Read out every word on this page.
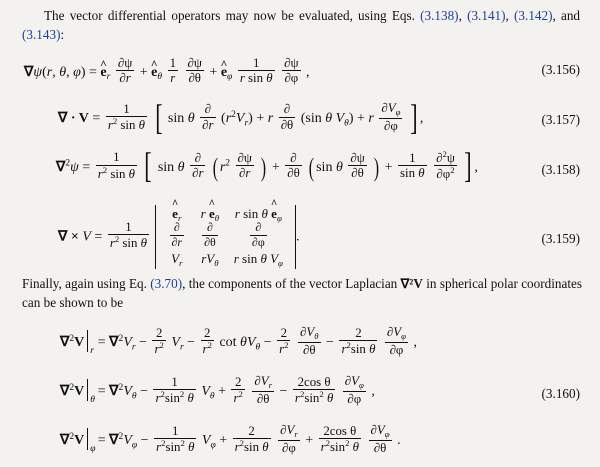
The vector differential operators may now be evaluated, using Eqs. (3.138), (3.141), (3.142), and (3.143):

∇ψ(r, θ, φ) = e $\^{}_r \frac{\partial\psi}{\partial r} + e$ $\^{}_\theta \frac{1}{r}$
$\frac{\partial\psi}{\partial\theta} + e$ $\^{}_\varphi \frac{1}{\text{r sin θ}}$
$\frac{\partial\psi}{\partial\varphi}$ ,	(3.156)
∇ · $V = \frac{1}{r^2 \sin \theta}$ [ sin θ $\frac{\partial}{\partial r} (r^2V_r) + r \frac{\partial}{\partial\theta} (\sin$ θ $V_\theta) + r \frac{\partial V_\varphi}{\partial\varphi}$ ] ,	(3.157)
$\nabla^2\psi = \frac{1}{r^2 \sin \theta}$ [ sin θ $\frac{\partial}{\partial r}$ ( $r^2 \frac{\partial\psi}{\partial r}$ ) + $\frac{\partial}{\partial\theta}$ ( sin θ $\frac{\partial\psi}{\partial\theta}$ ) + $\frac{1}{\text{sin θ}}$
$\frac{\partial^2\psi}{\partial\varphi^2}$ ] ,	(3.158)
∇ × $V = \frac{1}{r^2 \sin \theta}$

e $\^{}_r$	r e $\^{}_\theta$	r sin θ e $\^{}_\varphi$

$\frac{\partial}{\partial r}$	$\frac{\partial}{\partial\theta}$	$\frac{\partial}{\partial\varphi}$

$V_r$	$rV_\theta$	r sin θ $V_\varphi$
.	(3.159)

Finally, again using Eq. (3.70), the components of the vector Laplacian ∇²V in spherical polar coordinates can be shown to be

∇$^2$V
r
= $\nabla^2V_r - \frac{2}{r^2} V_r - \frac{2}{r^2}$ $\cot \theta V_\theta - \frac{2}{r^2}$
$\frac{\partial V_\theta}{\partial\theta} - \frac{2}{r^2\sin \theta}$
$\frac{\partial V_\varphi}{\partial\varphi}$ ,
∇$^2$V
θ
= $\nabla^2V_\theta - \frac{1}{r^2\sin^2 \theta} V_\theta + \frac{2}{r^2}$
$\frac{\partial V_r}{\partial\theta} - \frac{\text{2cos θ}}{r^2\sin^2 \theta}$
$\frac{\partial V_\varphi}{\partial\varphi}$ ,	(3.160)
∇$^2$V
φ
= $\nabla^2V_\varphi - \frac{1}{r^2\sin^2 \theta} V_\varphi + \frac{2}{r^2\sin \theta}$
$\frac{\partial V_r}{\partial\varphi} + \frac{\text{2cos θ}}{r^2\sin^2 \theta}$
$\frac{\partial V_\varphi}{\partial\theta}$ .
